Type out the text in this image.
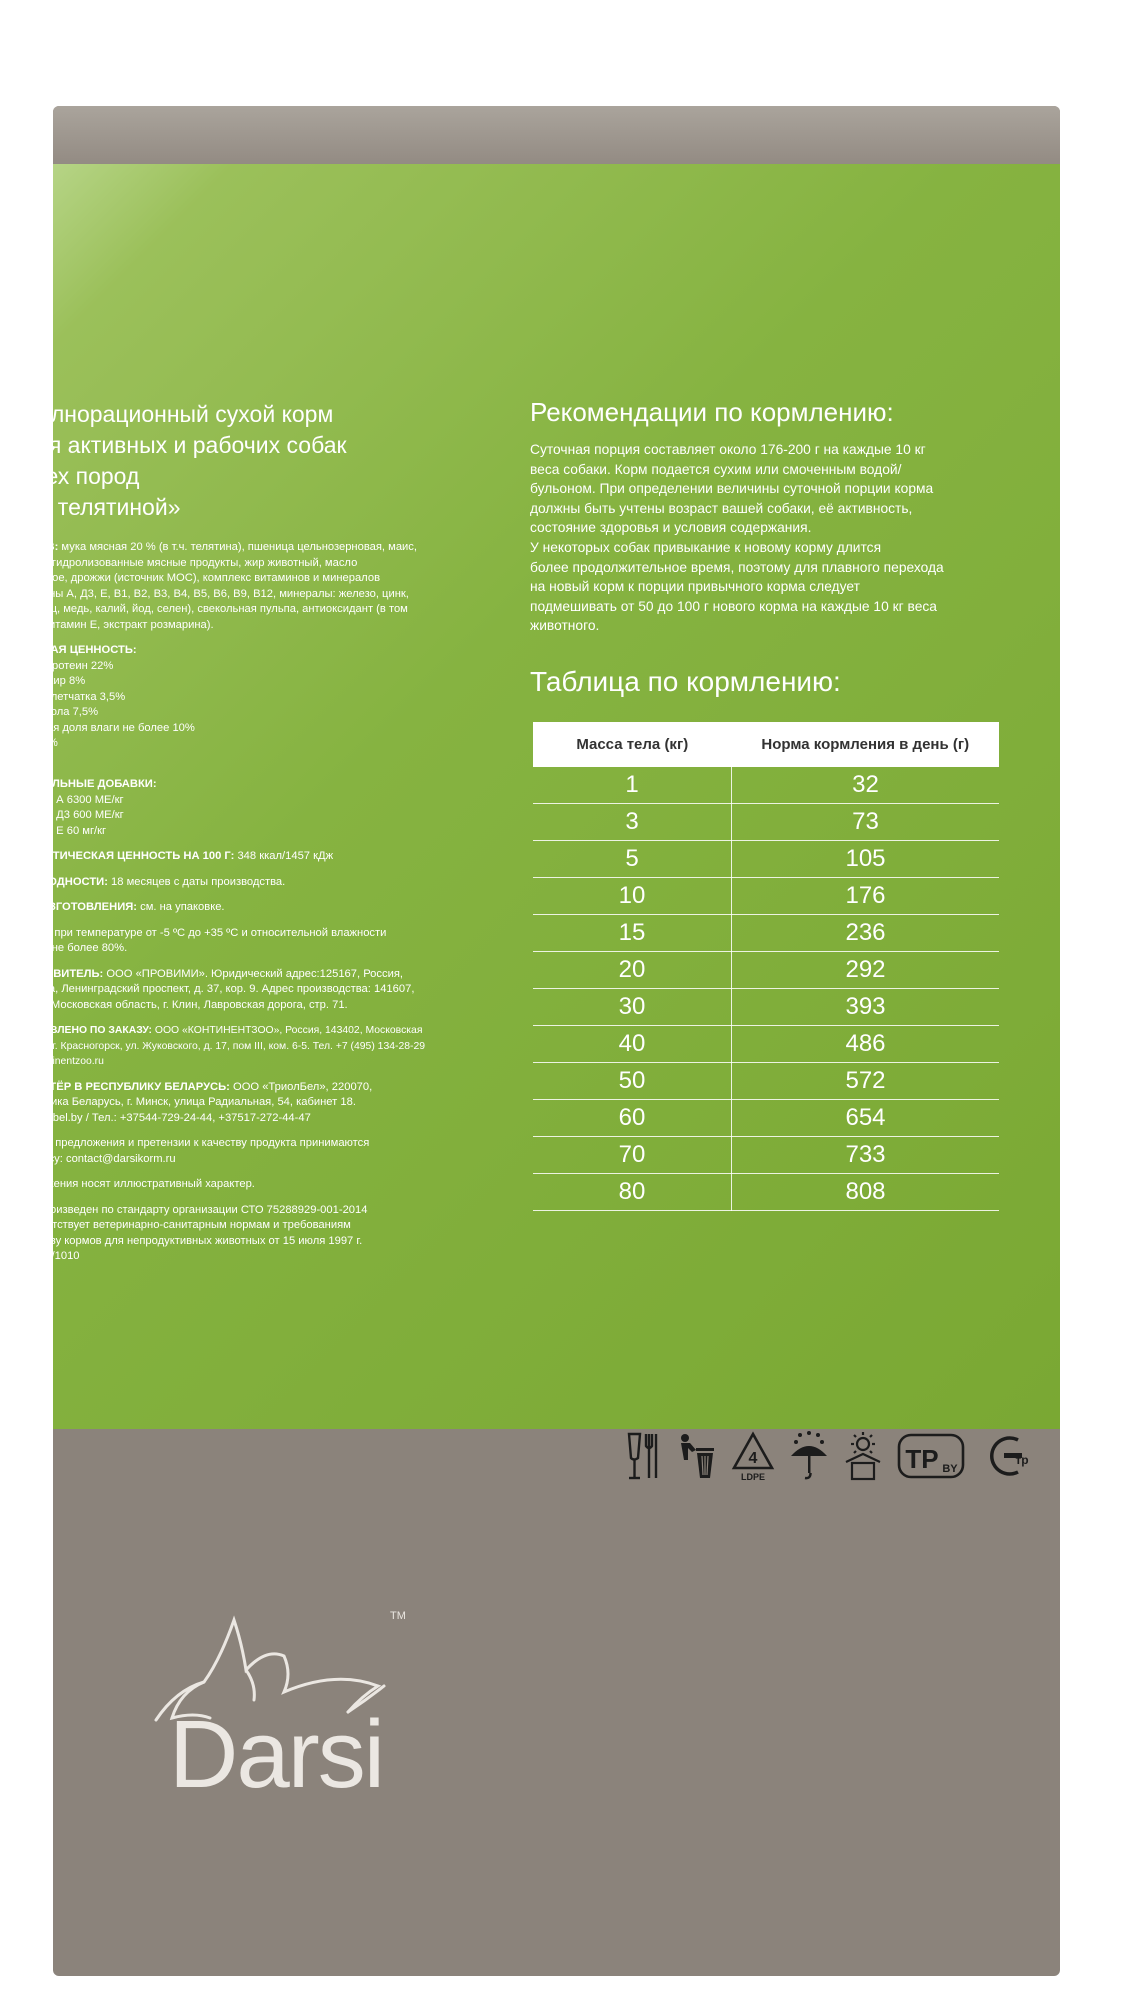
Полнорационный сухой корм
для активных и рабочих собак
всех пород
«С телятиной»

СОСТАВ: мука мясная 20 % (в т.ч. телятина), пшеница цельнозерновая, маис,
ячмень, гидролизованные мясные продукты, жир животный, масло
кукурузное, дрожжи (источник МОС), комплекс витаминов и минералов
(витамины А, Д3, Е, В1, В2, В3, В4, В5, В6, В9, В12, минералы: железо, цинк,
марганец, медь, калий, йод, селен), свекольная пульпа, антиоксидант (в том
числе Витамин Е, экстракт розмарина).

ПИЩЕВАЯ ЦЕННОСТЬ:
Сырой протеин 22%
Сырой жир 8%
Сырая клетчатка 3,5%
Сырая зола 7,5%
Массовая доля влаги не более 10%
Са - 1,3%
Р - 1,0%

ПИТАТЕЛЬНЫЕ ДОБАВКИ:
Витамин А 6300 МЕ/кг
Витамин Д3 600 МЕ/кг
Витамин Е 60 мг/кг

ЭНЕРГЕТИЧЕСКАЯ ЦЕННОСТЬ НА 100 Г: 348 ккал/1457 кДж

СРОК ГОДНОСТИ: 18 месяцев с даты производства.

ДАТА ИЗГОТОВЛЕНИЯ: см. на упаковке.

Хранить при температуре от -5 ºС до +35 ºС и относительной влажности
воздуха не более 80%.

ИЗГОТОВИТЕЛЬ: ООО «ПРОВИМИ». Юридический адрес:125167, Россия,
г. Москва, Ленинградский проспект, д. 37, кор. 9. Адрес производства: 141607,
Россия, Московская область, г. Клин, Лавровская дорога, стр. 71.

ИЗГОТОВЛЕНО ПО ЗАКАЗУ: ООО «КОНТИНЕНТЗОО», Россия, 143402, Московская
область, г. Красногорск, ул. Жуковского, д. 17, пом III, ком. 6-5. Тел. +7 (495) 134-28-29
www.continentzoo.ru

ИМПОРТЁР В РЕСПУБЛИКУ БЕЛАРУСЬ: ООО «ТриолБел», 220070,
Республика Беларусь, г. Минск, улица Радиальная, 54, кабинет 18.
www.triolbel.by / Тел.: +37544-729-24-44, +37517-272-44-47

Отзывы, предложения и претензии к качеству продукта принимаются
по адресу: contact@darsikorm.ru

Изображения носят иллюстративный характер.

Корм произведен по стандарту организации СТО 75288929-001-2014
и соответствует ветеринарно-санитарным нормам и требованиям
к качеству кормов для непродуктивных животных от 15 июля 1997 г.
N 13-7-2/1010

Рекомендации по кормлению:
Суточная порция составляет около 176-200 г на каждые 10 кг
веса собаки. Корм подается сухим или смоченным водой/
бульоном. При определении величины суточной порции корма
должны быть учтены возраст вашей собаки, её активность,
состояние здоровья и условия содержания.
У некоторых собак привыкание к новому корму длится
более продолжительное время, поэтому для плавного перехода
на новый корм к порции привычного корма следует
подмешивать от 50 до 100 г нового корма на каждые 10 кг веса
животного.
Таблица по кормлению:
Масса тела (кг)	Норма кормления в день (г)
1	32
3	73
5	105
10	176
15	236
20	292
30	393
40	486
50	572
60	654
70	733
80	808
4
LDPE
TP BY
тр
Darsi
TM
